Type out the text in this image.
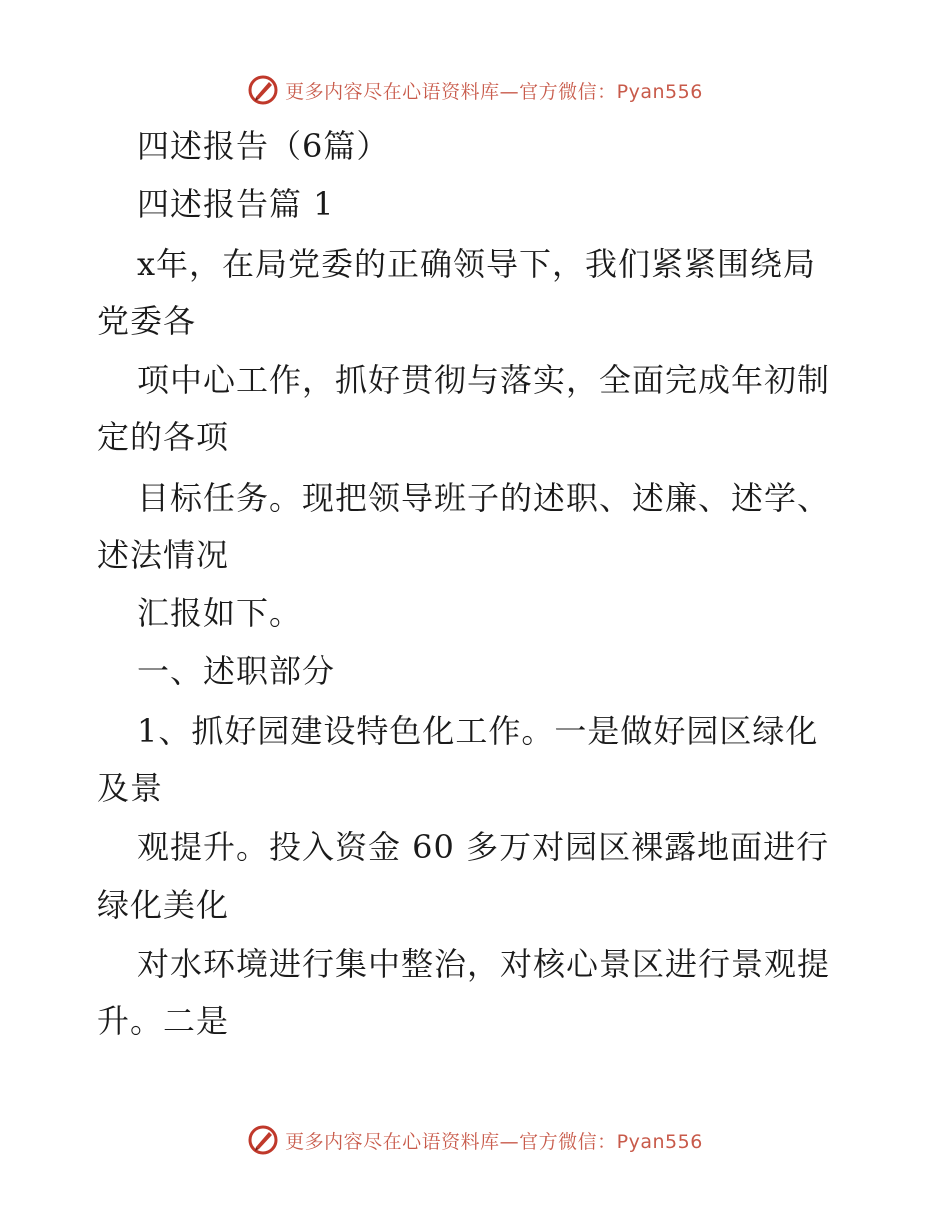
更多内容尽在心语资料库—官方微信：Pyan556
四述报告（6篇）
四述报告篇 1
x年，在局党委的正确领导下，我们紧紧围绕局
党委各
项中心工作，抓好贯彻与落实，全面完成年初制
定的各项
目标任务。现把领导班子的述职、述廉、述学、
述法情况
汇报如下。
一、述职部分
1、抓好园建设特色化工作。一是做好园区绿化
及景
观提升。投入资金 60 多万对园区裸露地面进行
绿化美化
对水环境进行集中整治，对核心景区进行景观提
升。二是
更多内容尽在心语资料库—官方微信：Pyan556
